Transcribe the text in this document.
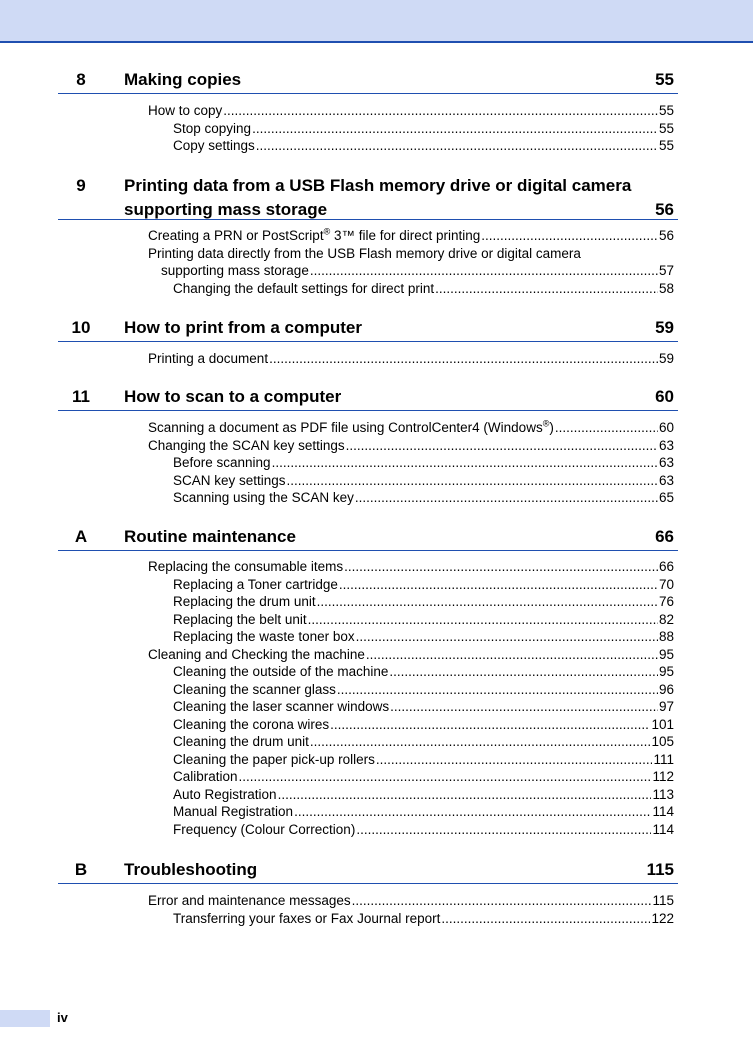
8	Making copies	55
How to copy .....	55
Stop copying .....	55
Copy settings .....	55
9	Printing data from a USB Flash memory drive or digital camera
supporting mass storage	56
Creating a PRN or PostScript® 3™ file for direct printing .....	56
Printing data directly from the USB Flash memory drive or digital camera
supporting mass storage .....	57
Changing the default settings for direct print .....	58
10	How to print from a computer	59
Printing a document .....	59
11	How to scan to a computer	60
Scanning a document as PDF file using ControlCenter4 (Windows®) .....	60
Changing the SCAN key settings .....	63
Before scanning .....	63
SCAN key settings .....	63
Scanning using the SCAN key .....	65
A	Routine maintenance	66
Replacing the consumable items .....	66
Replacing a Toner cartridge .....	70
Replacing the drum unit .....	76
Replacing the belt unit .....	82
Replacing the waste toner box .....	88
Cleaning and Checking the machine .....	95
Cleaning the outside of the machine .....	95
Cleaning the scanner glass .....	96
Cleaning the laser scanner windows .....	97
Cleaning the corona wires .....	101
Cleaning the drum unit .....	105
Cleaning the paper pick-up rollers .....	111
Calibration .....	112
Auto Registration .....	113
Manual Registration .....	114
Frequency (Colour Correction) .....	114
B	Troubleshooting	115
Error and maintenance messages .....	115
Transferring your faxes or Fax Journal report .....	122
iv
